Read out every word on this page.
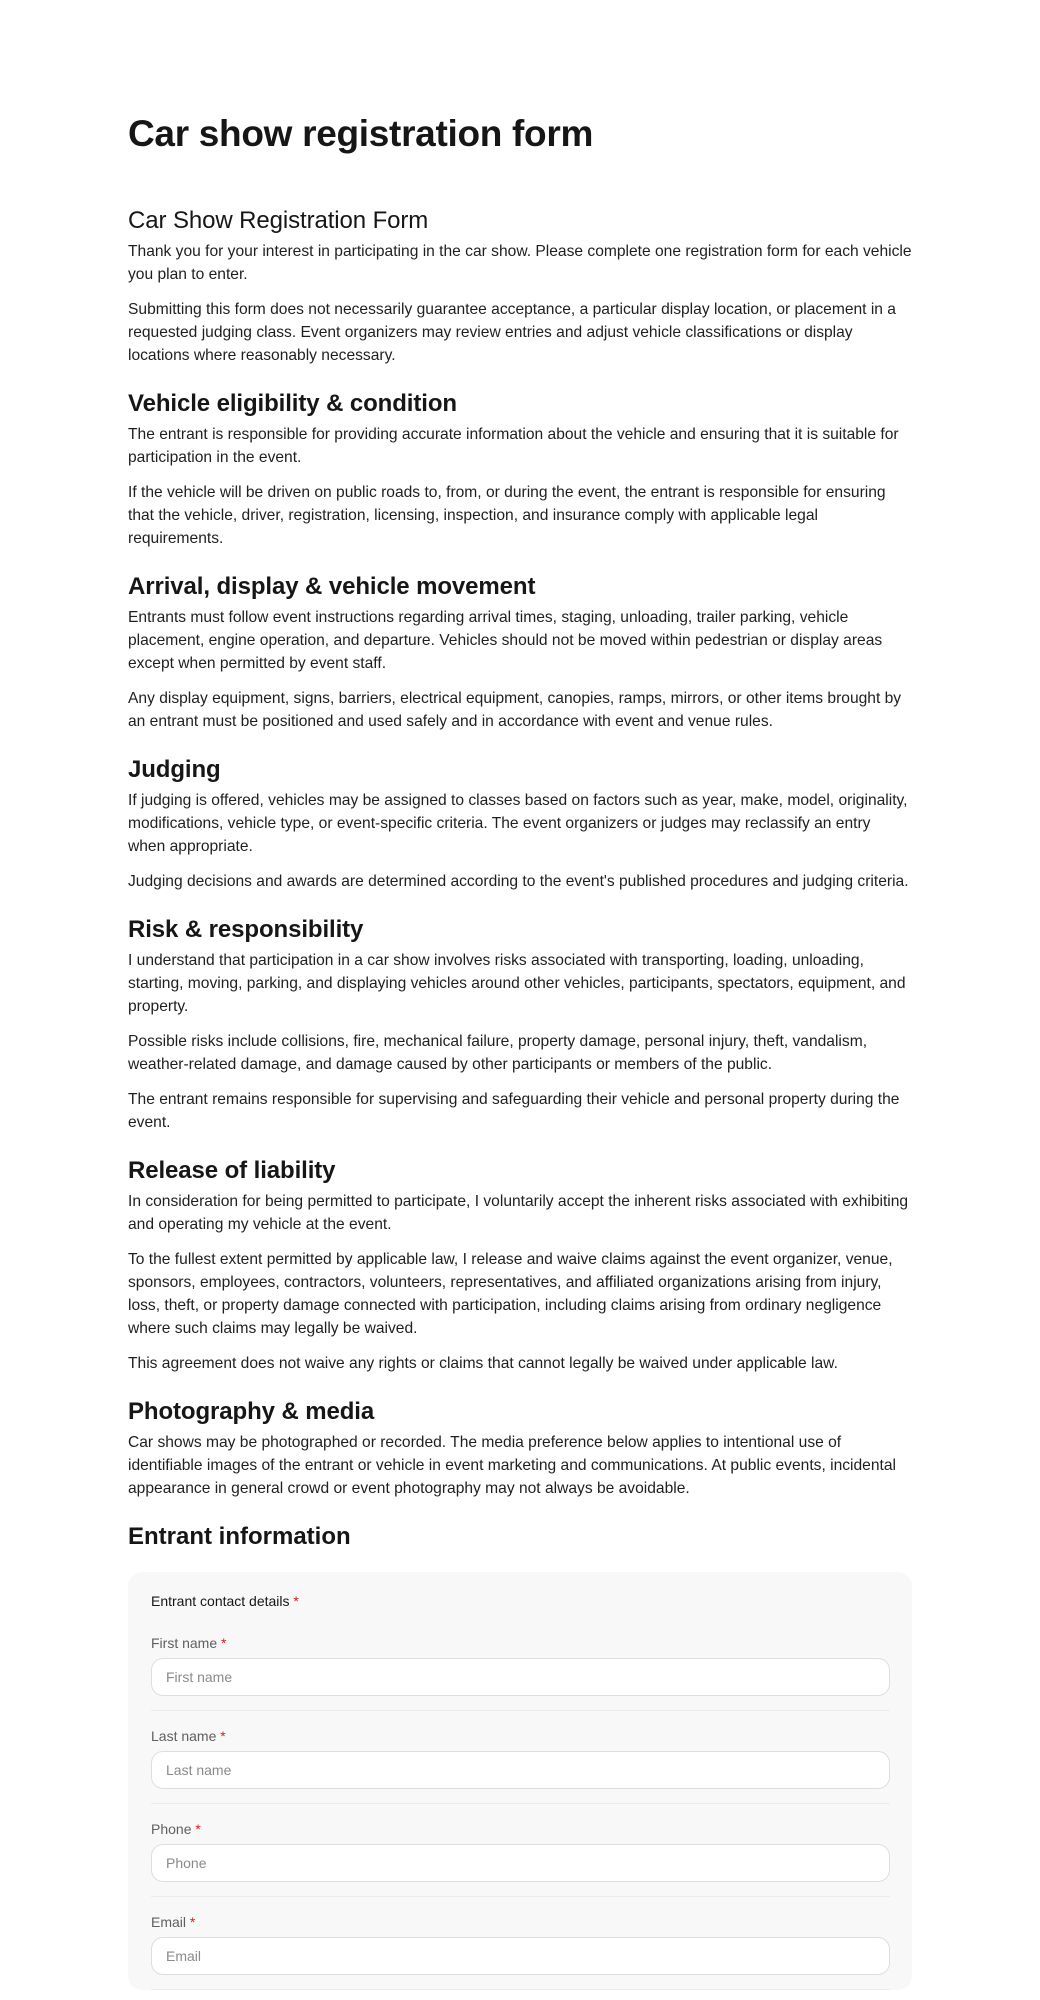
Car show registration form
Car Show Registration Form

Thank you for your interest in participating in the car show. Please complete one registration form for each vehicle you plan to enter.

Submitting this form does not necessarily guarantee acceptance, a particular display location, or placement in a requested judging class. Event organizers may review entries and adjust vehicle classifications or display locations where reasonably necessary.

Vehicle eligibility & condition

The entrant is responsible for providing accurate information about the vehicle and ensuring that it is suitable for participation in the event.

If the vehicle will be driven on public roads to, from, or during the event, the entrant is responsible for ensuring that the vehicle, driver, registration, licensing, inspection, and insurance comply with applicable legal requirements.

Arrival, display & vehicle movement

Entrants must follow event instructions regarding arrival times, staging, unloading, trailer parking, vehicle placement, engine operation, and departure. Vehicles should not be moved within pedestrian or display areas except when permitted by event staff.

Any display equipment, signs, barriers, electrical equipment, canopies, ramps, mirrors, or other items brought by an entrant must be positioned and used safely and in accordance with event and venue rules.

Judging

If judging is offered, vehicles may be assigned to classes based on factors such as year, make, model, originality, modifications, vehicle type, or event-specific criteria. The event organizers or judges may reclassify an entry when appropriate.

Judging decisions and awards are determined according to the event's published procedures and judging criteria.

Risk & responsibility

I understand that participation in a car show involves risks associated with transporting, loading, unloading, starting, moving, parking, and displaying vehicles around other vehicles, participants, spectators, equipment, and property.

Possible risks include collisions, fire, mechanical failure, property damage, personal injury, theft, vandalism, weather-related damage, and damage caused by other participants or members of the public.

The entrant remains responsible for supervising and safeguarding their vehicle and personal property during the event.

Release of liability

In consideration for being permitted to participate, I voluntarily accept the inherent risks associated with exhibiting and operating my vehicle at the event.

To the fullest extent permitted by applicable law, I release and waive claims against the event organizer, venue, sponsors, employees, contractors, volunteers, representatives, and affiliated organizations arising from injury, loss, theft, or property damage connected with participation, including claims arising from ordinary negligence where such claims may legally be waived.

This agreement does not waive any rights or claims that cannot legally be waived under applicable law.

Photography & media

Car shows may be photographed or recorded. The media preference below applies to intentional use of identifiable images of the entrant or vehicle in event marketing and communications. At public events, incidental appearance in general crowd or event photography may not always be avoidable.

Entrant information
Entrant contact details *
First name *
First name
Last name *
Last name
Phone *
Phone
Email *
Email
